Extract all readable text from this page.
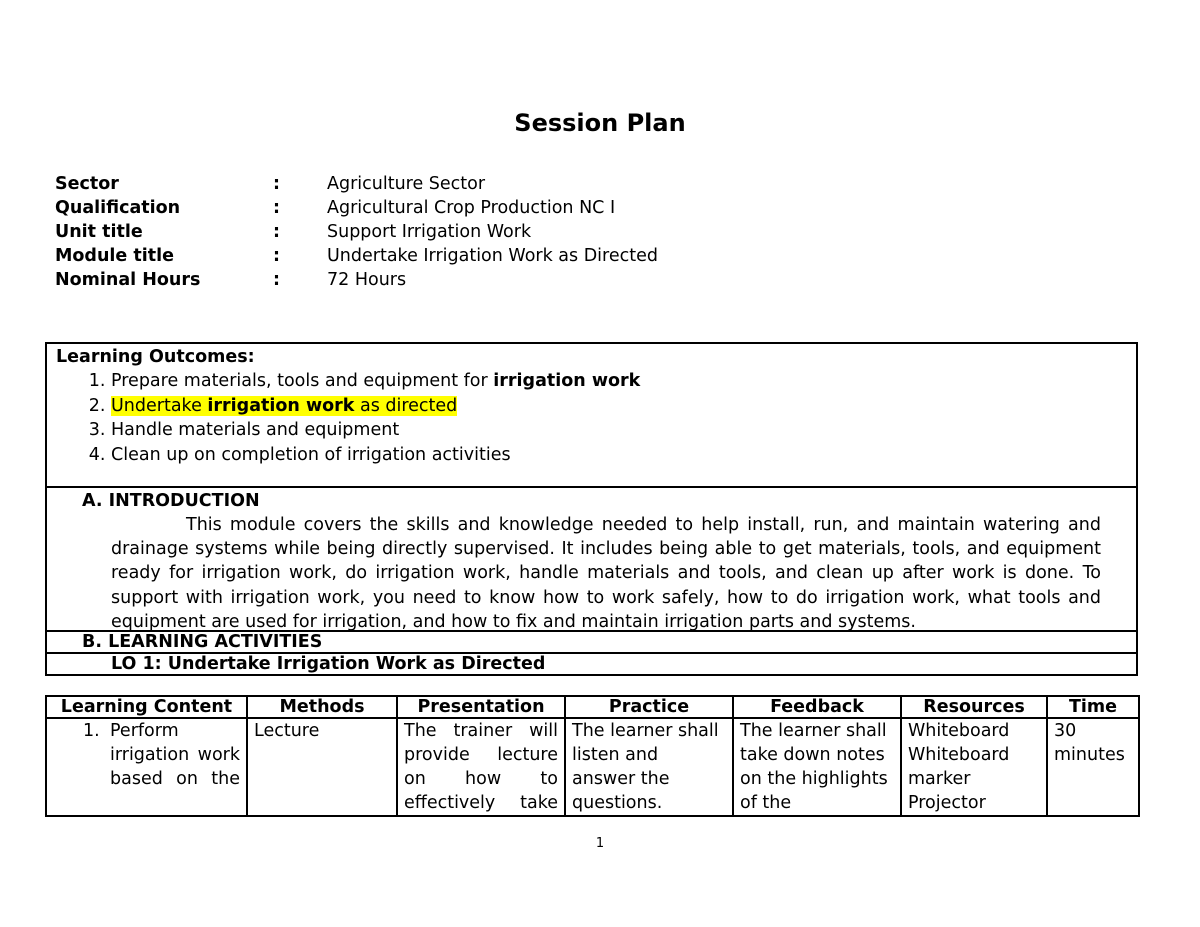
Session Plan
Sector	:	Agriculture Sector
Qualification	:	Agricultural Crop Production NC I
Unit title	:	Support Irrigation Work
Module title	:	Undertake Irrigation Work as Directed
Nominal Hours	:	72 Hours
Learning Outcomes:
1. Prepare materials, tools and equipment for irrigation work
2. Undertake irrigation work as directed
3. Handle materials and equipment
4. Clean up on completion of irrigation activities
A. INTRODUCTION

This module covers the skills and knowledge needed to help install, run, and maintain watering and drainage systems while being directly supervised. It includes being able to get materials, tools, and equipment ready for irrigation work, do irrigation work, handle materials and tools, and clean up after work is done. To support with irrigation work, you need to know how to work safely, how to do irrigation work, what tools and equipment are used for irrigation, and how to fix and maintain irrigation parts and systems.

B. LEARNING ACTIVITIES
LO 1: Undertake Irrigation Work as Directed
Learning Content	Methods	Presentation	Practice	Feedback	Resources	Time

1. Perform irrigation work based on the	Lecture	The trainer will provide lecture on how to effectively take	The learner shall listen and answer the questions.	The learner shall take down notes on the highlights of the	Whiteboard Whiteboard marker Projector	30 minutes
1
